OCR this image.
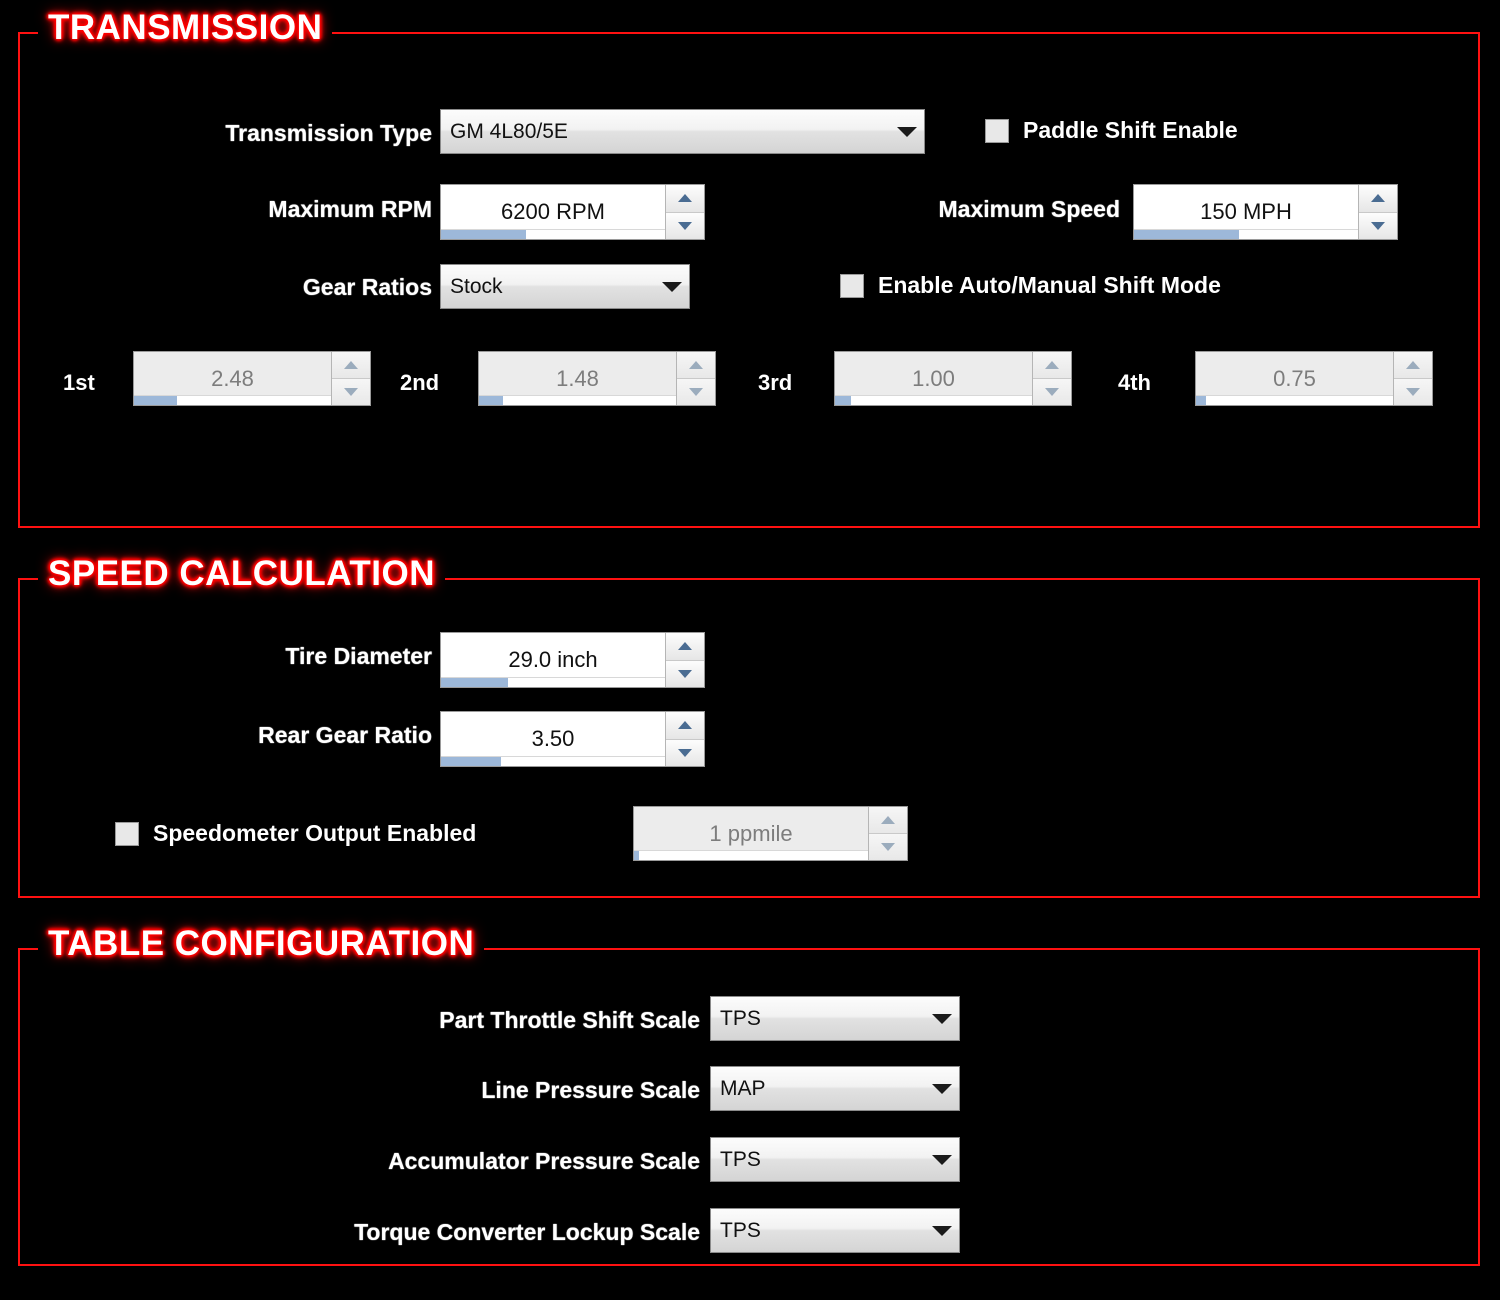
TRANSMISSION
Transmission Type GM 4L80/5E	Paddle Shift Enable
Maximum RPM	6200 RPM	Maximum Speed	150 MPH
Gear Ratios Stock	Enable Auto/Manual Shift Mode
1st	2.48	2nd	1.48	3rd	1.00	4th	0.75
SPEED CALCULATION
Tire Diameter	29.0 inch
Rear Gear Ratio	3.50
Speedometer Output Enabled	1 ppmile
TABLE CONFIGURATION
Part Throttle Shift Scale TPS
Line Pressure Scale MAP
Accumulator Pressure Scale TPS
Torque Converter Lockup Scale TPS
